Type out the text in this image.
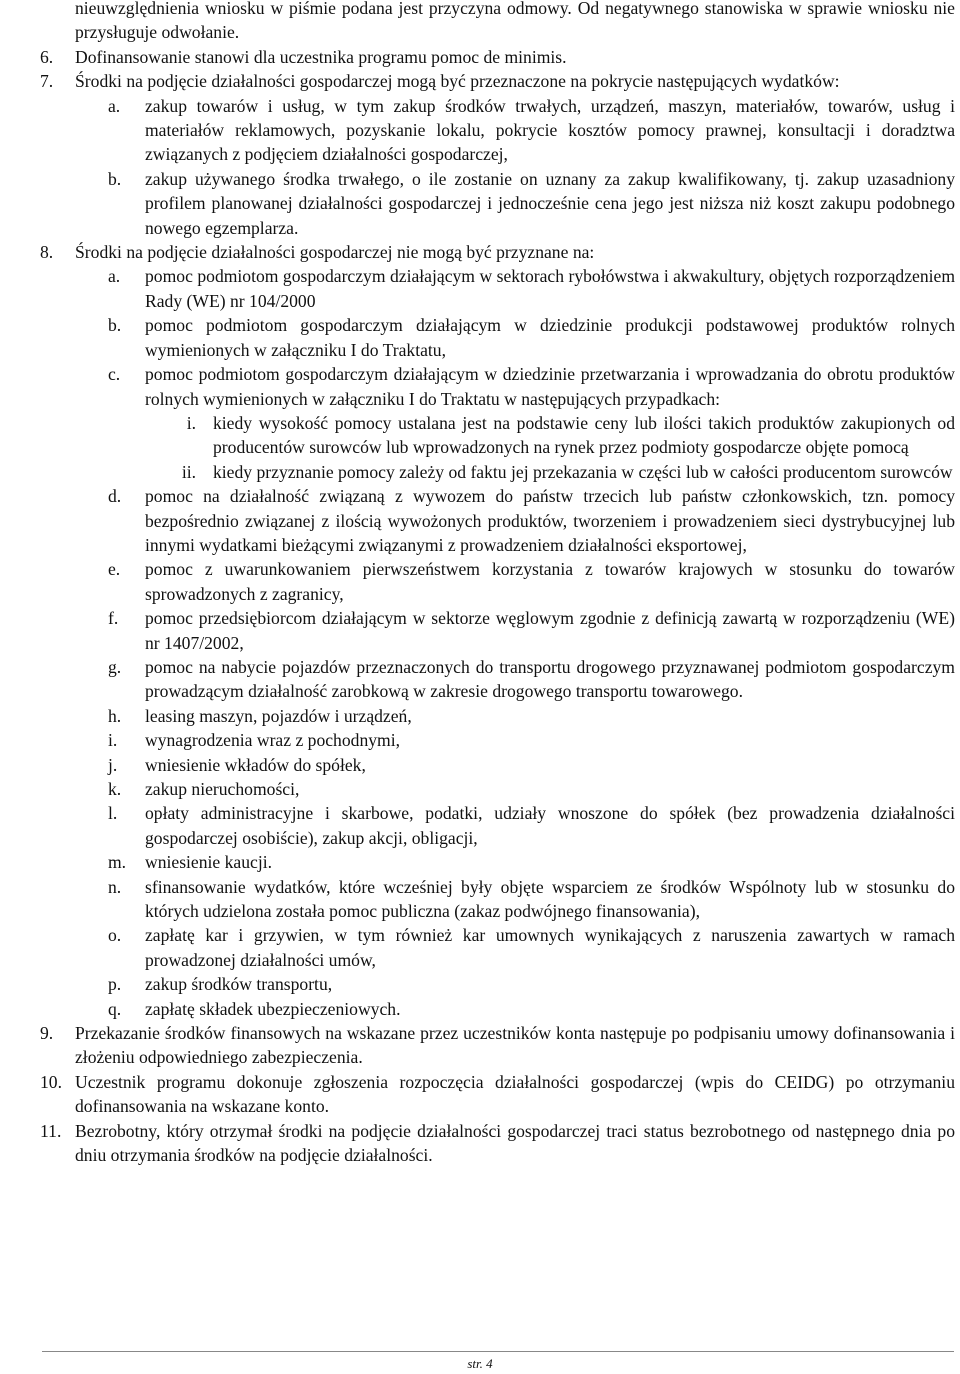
nieuwzględnienia wniosku w piśmie podana jest przyczyna odmowy. Od negatywnego stanowiska w sprawie wniosku nie przysługuje odwołanie.
6. Dofinansowanie stanowi dla uczestnika programu pomoc de minimis.
7. Środki na podjęcie działalności gospodarczej mogą być przeznaczone na pokrycie następujących wydatków:
a. zakup towarów i usług, w tym zakup środków trwałych, urządzeń, maszyn, materiałów, towarów, usług i materiałów reklamowych, pozyskanie lokalu, pokrycie kosztów pomocy prawnej, konsultacji i doradztwa związanych z podjęciem działalności gospodarczej,
b. zakup używanego środka trwałego, o ile zostanie on uznany za zakup kwalifikowany, tj. zakup uzasadniony profilem planowanej działalności gospodarczej i jednocześnie cena jego jest niższa niż koszt zakupu podobnego nowego egzemplarza.
8. Środki na podjęcie działalności gospodarczej nie mogą być przyznane na:
a. pomoc podmiotom gospodarczym działającym w sektorach rybołówstwa i akwakultury, objętych rozporządzeniem Rady (WE) nr 104/2000
b. pomoc podmiotom gospodarczym działającym w dziedzinie produkcji podstawowej produktów rolnych wymienionych w załączniku I do Traktatu,
c. pomoc podmiotom gospodarczym działającym w dziedzinie przetwarzania i wprowadzania do obrotu produktów rolnych wymienionych w załączniku I do Traktatu w następujących przypadkach:
i. kiedy wysokość pomocy ustalana jest na podstawie ceny lub ilości takich produktów zakupionych od producentów surowców lub wprowadzonych na rynek przez podmioty gospodarcze objęte pomocą
ii. kiedy przyznanie pomocy zależy od faktu jej przekazania w części lub w całości producentom surowców
d. pomoc na działalność związaną z wywozem do państw trzecich lub państw członkowskich, tzn. pomocy bezpośrednio związanej z ilością wywożonych produktów, tworzeniem i prowadzeniem sieci dystrybucyjnej lub innymi wydatkami bieżącymi związanymi z prowadzeniem działalności eksportowej,
e. pomoc z uwarunkowaniem pierwszeństwem korzystania z towarów krajowych w stosunku do towarów sprowadzonych z zagranicy,
f. pomoc przedsiębiorcom działającym w sektorze węglowym zgodnie z definicją zawartą w rozporządzeniu (WE) nr 1407/2002,
g. pomoc na nabycie pojazdów przeznaczonych do transportu drogowego przyznawanej podmiotom gospodarczym prowadzącym działalność zarobkową w zakresie drogowego transportu towarowego.
h. leasing maszyn, pojazdów i urządzeń,
i. wynagrodzenia wraz z pochodnymi,
j. wniesienie wkładów do spółek,
k. zakup nieruchomości,
l. opłaty administracyjne i skarbowe, podatki, udziały wnoszone do spółek (bez prowadzenia działalności gospodarczej osobiście), zakup akcji, obligacji,
m. wniesienie kaucji.
n. sfinansowanie wydatków, które wcześniej były objęte wsparciem ze środków Wspólnoty lub w stosunku do których udzielona została pomoc publiczna (zakaz podwójnego finansowania),
o. zapłatę kar i grzywien, w tym również kar umownych wynikających z naruszenia zawartych w ramach prowadzonej działalności umów,
p. zakup środków transportu,
q. zapłatę składek ubezpieczeniowych.
9. Przekazanie środków finansowych na wskazane przez uczestników konta następuje po podpisaniu umowy dofinansowania i złożeniu odpowiedniego zabezpieczenia.
10. Uczestnik programu dokonuje zgłoszenia rozpoczęcia działalności gospodarczej (wpis do CEIDG) po otrzymaniu dofinansowania na wskazane konto.
11. Bezrobotny, który otrzymał środki na podjęcie działalności gospodarczej traci status bezrobotnego od następnego dnia po dniu otrzymania środków na podjęcie działalności.
str. 4
